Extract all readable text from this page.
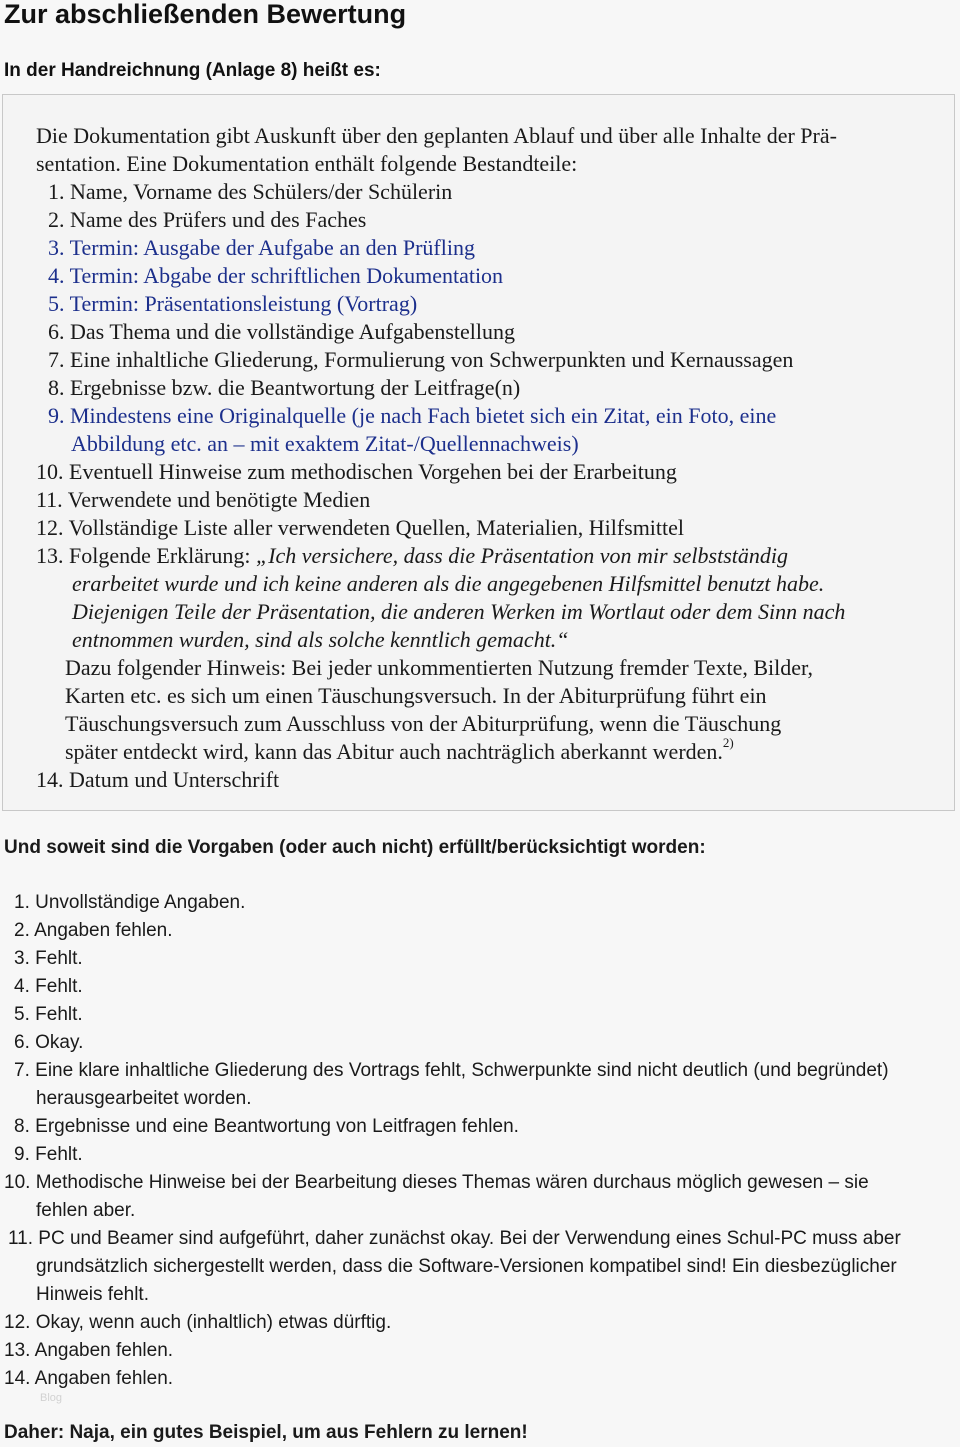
Zur abschließenden Bewertung

In der Handreichnung (Anlage 8) heißt es:

Die Dokumentation gibt Auskunft über den geplanten Ablauf und über alle Inhalte der Prä-
sentation. Eine Dokumentation enthält folgende Bestandteile:
1. Name, Vorname des Schülers/der Schülerin
2. Name des Prüfers und des Faches
3. Termin: Ausgabe der Aufgabe an den Prüfling
4. Termin: Abgabe der schriftlichen Dokumentation
5. Termin: Präsentationsleistung (Vortrag)
6. Das Thema und die vollständige Aufgabenstellung
7. Eine inhaltliche Gliederung, Formulierung von Schwerpunkten und Kernaussagen
8. Ergebnisse bzw. die Beantwortung der Leitfrage(n)
9. Mindestens eine Originalquelle (je nach Fach bietet sich ein Zitat, ein Foto, eine
Abbildung etc. an – mit exaktem Zitat-/Quellennachweis)
10. Eventuell Hinweise zum methodischen Vorgehen bei der Erarbeitung
11. Verwendete und benötigte Medien
12. Vollständige Liste aller verwendeten Quellen, Materialien, Hilfsmittel
13. Folgende Erklärung: „Ich versichere, dass die Präsentation von mir selbstständig
erarbeitet wurde und ich keine anderen als die angegebenen Hilfsmittel benutzt habe.
Diejenigen Teile der Präsentation, die anderen Werken im Wortlaut oder dem Sinn nach
entnommen wurden, sind als solche kenntlich gemacht.“
Dazu folgender Hinweis: Bei jeder unkommentierten Nutzung fremder Texte, Bilder,
Karten etc. es sich um einen Täuschungsversuch. In der Abiturprüfung führt ein
Täuschungsversuch zum Ausschluss von der Abiturprüfung, wenn die Täuschung
später entdeckt wird, kann das Abitur auch nachträglich aberkannt werden.$^{2)}$
14. Datum und Unterschrift
Und soweit sind die Vorgaben (oder auch nicht) erfüllt/berücksichtigt worden:
1. Unvollständige Angaben.
2. Angaben fehlen.
3. Fehlt.
4. Fehlt.
5. Fehlt.
6. Okay.
7. Eine klare inhaltliche Gliederung des Vortrags fehlt, Schwerpunkte sind nicht deutlich (und begründet)
herausgearbeitet worden.
8. Ergebnisse und eine Beantwortung von Leitfragen fehlen.
9. Fehlt.
10. Methodische Hinweise bei der Bearbeitung dieses Themas wären durchaus möglich gewesen – sie
fehlen aber.
11. PC und Beamer sind aufgeführt, daher zunächst okay. Bei der Verwendung eines Schul-PC muss aber
grundsätzlich sichergestellt werden, dass die Software-Versionen kompatibel sind! Ein diesbezüglicher
Hinweis fehlt.
12. Okay, wenn auch (inhaltlich) etwas dürftig.
13. Angaben fehlen.
14. Angaben fehlen.
Blog
Daher: Naja, ein gutes Beispiel, um aus Fehlern zu lernen!
